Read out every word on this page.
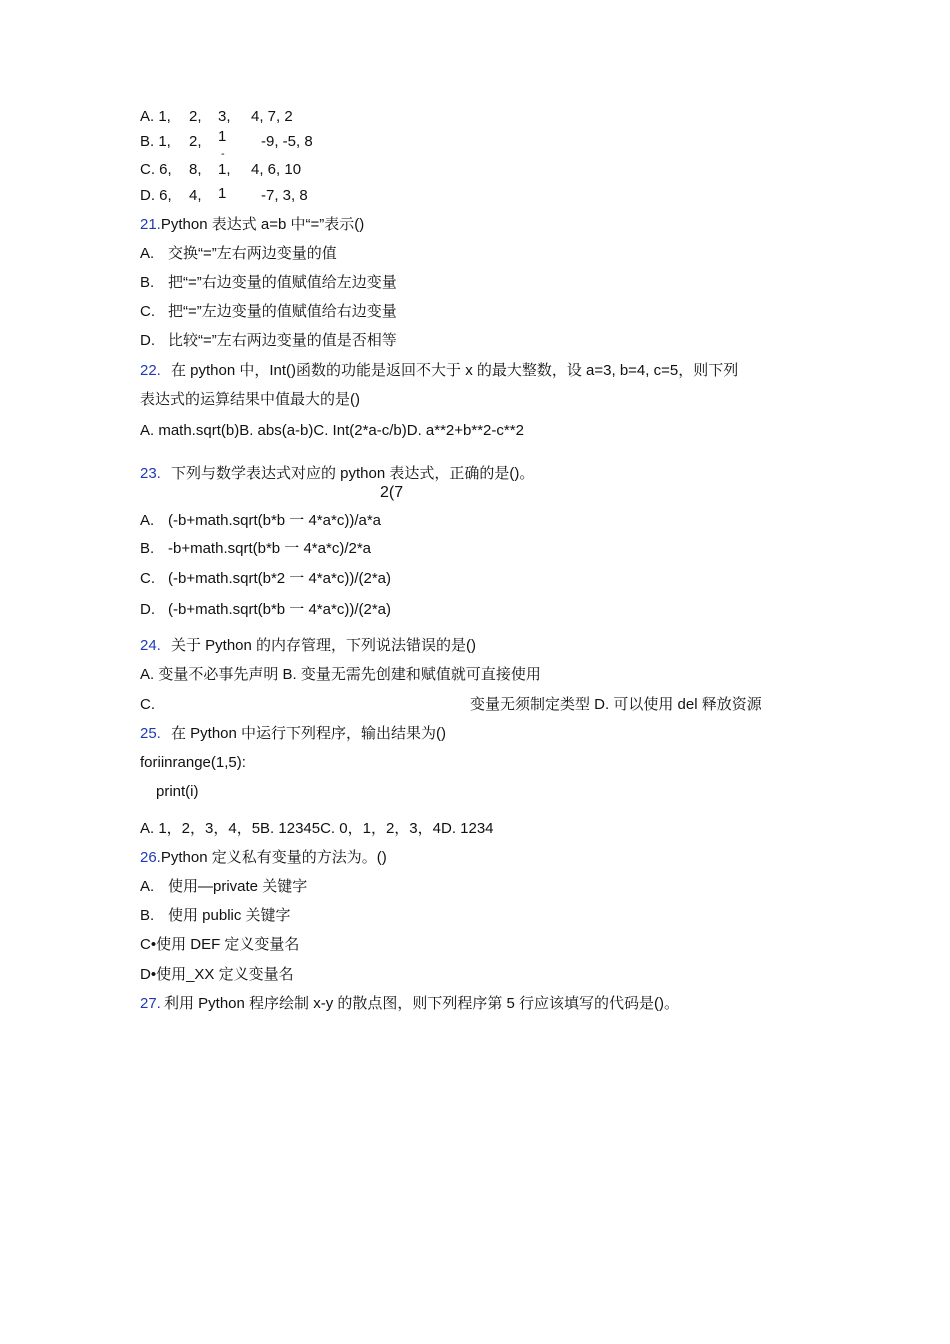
A. 1, 2, 3, 4, 7, 2
B. 1, 2, 1
-
-9, -5, 8
C. 6, 8, 1, 4, 6, 10
D. 6, 4, 1 -7, 3, 8
21.Python 表达式 a=b 中“=”表示()
A. 交换“=”左右两边变量的值
B. 把“=”右边变量的值赋值给左边变量
C. 把“=”左边变量的值赋值给右边变量
D. 比较“=”左右两边变量的值是否相等
22. 在 python 中，Int()函数的功能是返回不大于 x 的最大整数，设 a=3, b=4, c=5，则下列
表达式的运算结果中值最大的是()
A. math.sqrt(b)B. abs(a-b)C. Int(2*a-c/b)D. a**2+b**2-c**2
23. 下列与数学表达式对应的 python 表达式，正确的是()。
2(7
A. (-b+math.sqrt(b*b 一 4*a*c))/a*a
B. -b+math.sqrt(b*b 一 4*a*c)/2*a
C. (-b+math.sqrt(b*2 一 4*a*c))/(2*a)
D. (-b+math.sqrt(b*b 一 4*a*c))/(2*a)
24. 关于 Python 的内存管理，下列说法错误的是()
A. 变量不必事先声明 B. 变量无需先创建和赋值就可直接使用
C.	变量无须制定类型 D. 可以使用 del 释放资源
25. 在 Python 中运行下列程序，输出结果为()
foriinrange(1,5):
print(i)
A. 1，2，3，4，5B. 12345C. 0，1，2，3，4D. 1234
26.Python 定义私有变量的方法为。()
A. 使用—private 关键字
B. 使用 public 关键字
C•使用 DEF 定义变量名
D•使用_XX 定义变量名
27. 利用 Python 程序绘制 x-y 的散点图，则下列程序第 5 行应该填写的代码是()。
